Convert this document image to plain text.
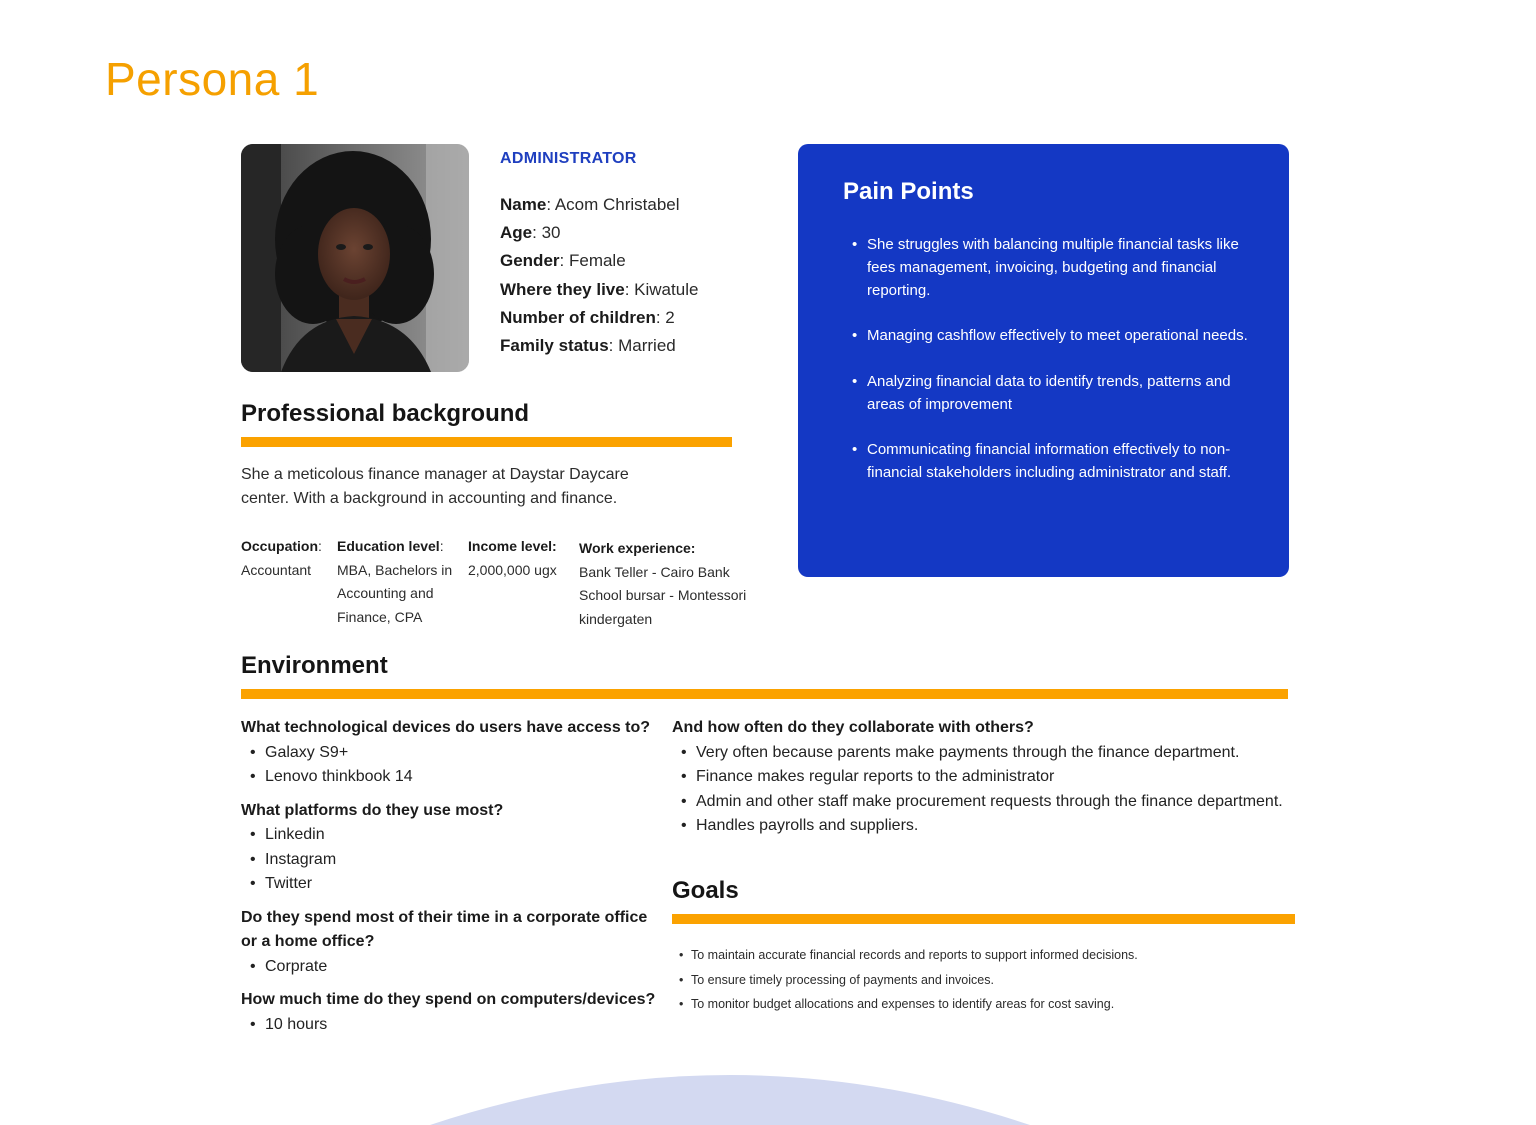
Persona 1
ADMINISTRATOR
Name: Acom Christabel
Age: 30
Gender: Female
Where they live: Kiwatule
Number of children: 2
Family status: Married
Professional background
She a meticolous finance manager at Daystar Daycare center. With a background in accounting and finance.
Occupation:
Accountant
Education level:
MBA, Bachelors in Accounting and Finance, CPA
Income level:
2,000,000 ugx
Work experience:
Bank Teller - Cairo Bank
School bursar - Montessori kindergaten
Pain Points
• She struggles with balancing multiple financial tasks like fees management, invoicing, budgeting and financial reporting.
• Managing cashflow effectively to meet operational needs.
• Analyzing financial data to identify trends, patterns and areas of improvement
• Communicating financial information effectively to non-financial stakeholders including administrator and staff.
Environment

What technological devices do users have access to?

• Galaxy S9+
• Lenovo thinkbook 14

What platforms do they use most?

• Linkedin
• Instagram
• Twitter

Do they spend most of their time in a corporate office or a home office?

• Corprate

How much time do they spend on computers/devices?

• 10 hours

And how often do they collaborate with others?

• Very often because parents make payments through the finance department.
• Finance makes regular reports to the administrator
• Admin and other staff make procurement requests through the finance department.
• Handles payrolls and suppliers.
Goals
• To maintain accurate financial records and reports to support informed decisions.
• To ensure timely processing of payments and invoices.
• To monitor budget allocations and expenses to identify areas for cost saving.
